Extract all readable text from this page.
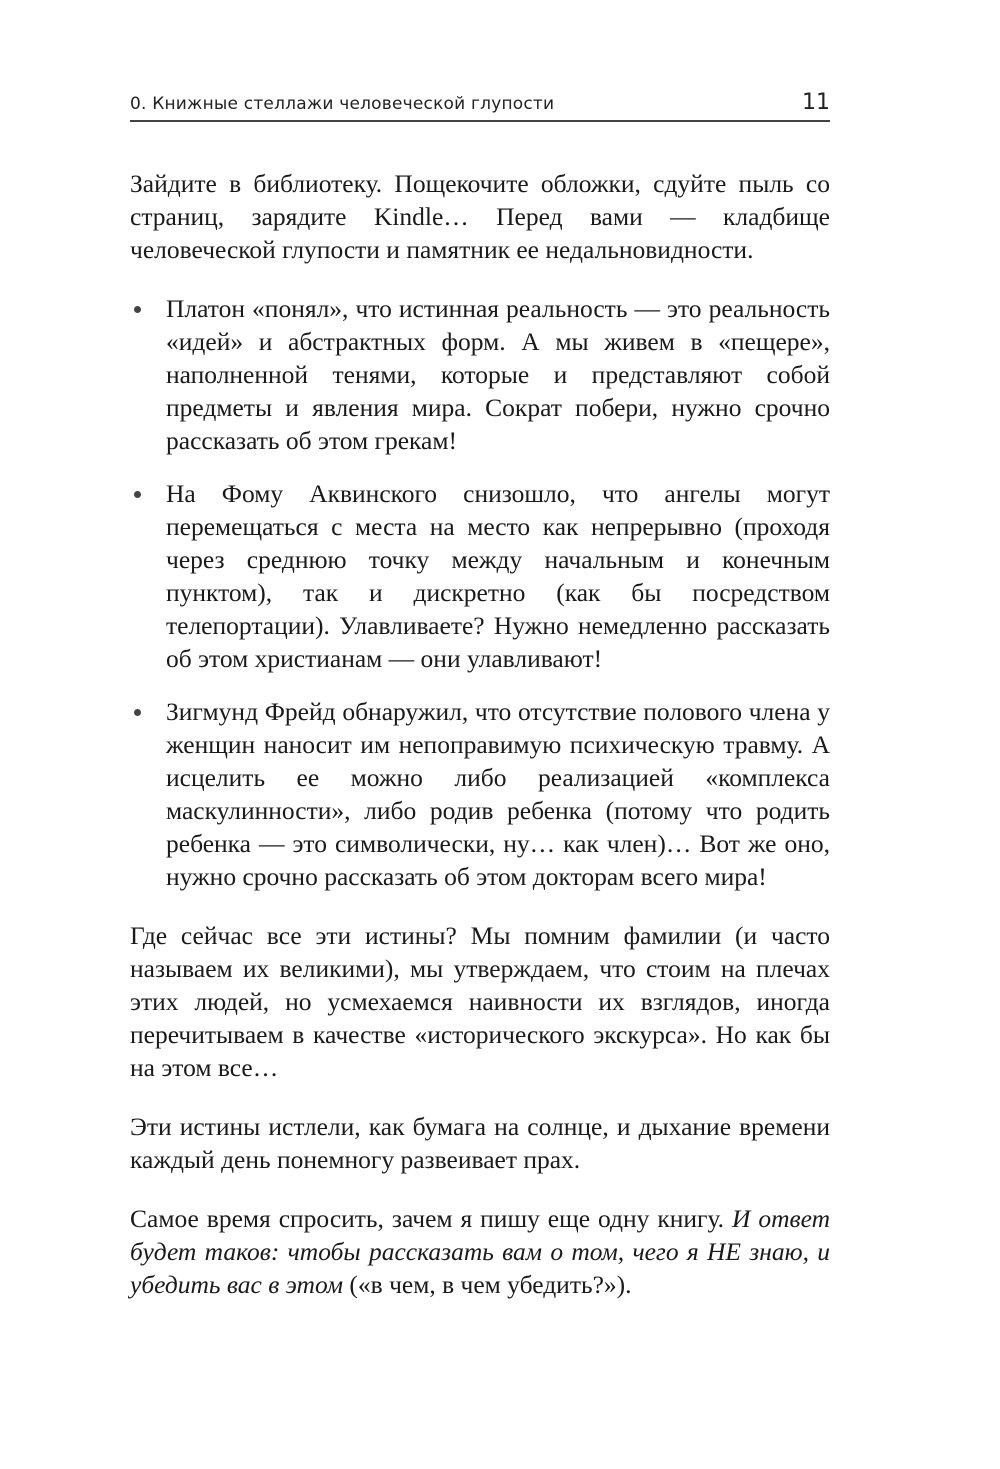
0. Книжные стеллажи человеческой глупости	11

Зайдите в библиотеку. Пощекочите обложки, сдуйте пыль со страниц, зарядите Kindle… Перед вами — кладбище человеческой глупости и памятник ее недальновидности.

Платон «понял», что истинная реальность — это реальность «идей» и абстрактных форм. А мы живем в «пещере», наполненной тенями, которые и представляют собой предметы и явления мира. Сократ побери, нужно срочно рассказать об этом грекам!
На Фому Аквинского снизошло, что ангелы могут перемещаться с места на место как непрерывно (проходя через среднюю точку между начальным и конечным пунктом), так и дискретно (как бы посредством телепортации). Улавливаете? Нужно немедленно рассказать об этом христианам — они улавливают!
Зигмунд Фрейд обнаружил, что отсутствие полового члена у женщин наносит им непоправимую психическую травму. А исцелить ее можно либо реализацией «комплекса маскулинности», либо родив ребенка (потому что родить ребенка — это символически, ну… как член)… Вот же оно, нужно срочно рассказать об этом докторам всего мира!

Где сейчас все эти истины? Мы помним фамилии (и часто называем их великими), мы утверждаем, что стоим на плечах этих людей, но усмехаемся наивности их взглядов, иногда перечитываем в качестве «исторического экскурса». Но как бы на этом все…

Эти истины истлели, как бумага на солнце, и дыхание времени каждый день понемногу развеивает прах.

Самое время спросить, зачем я пишу еще одну книгу. И ответ будет таков: чтобы рассказать вам о том, чего я НЕ знаю, и убедить вас в этом («в чем, в чем убедить?»).
